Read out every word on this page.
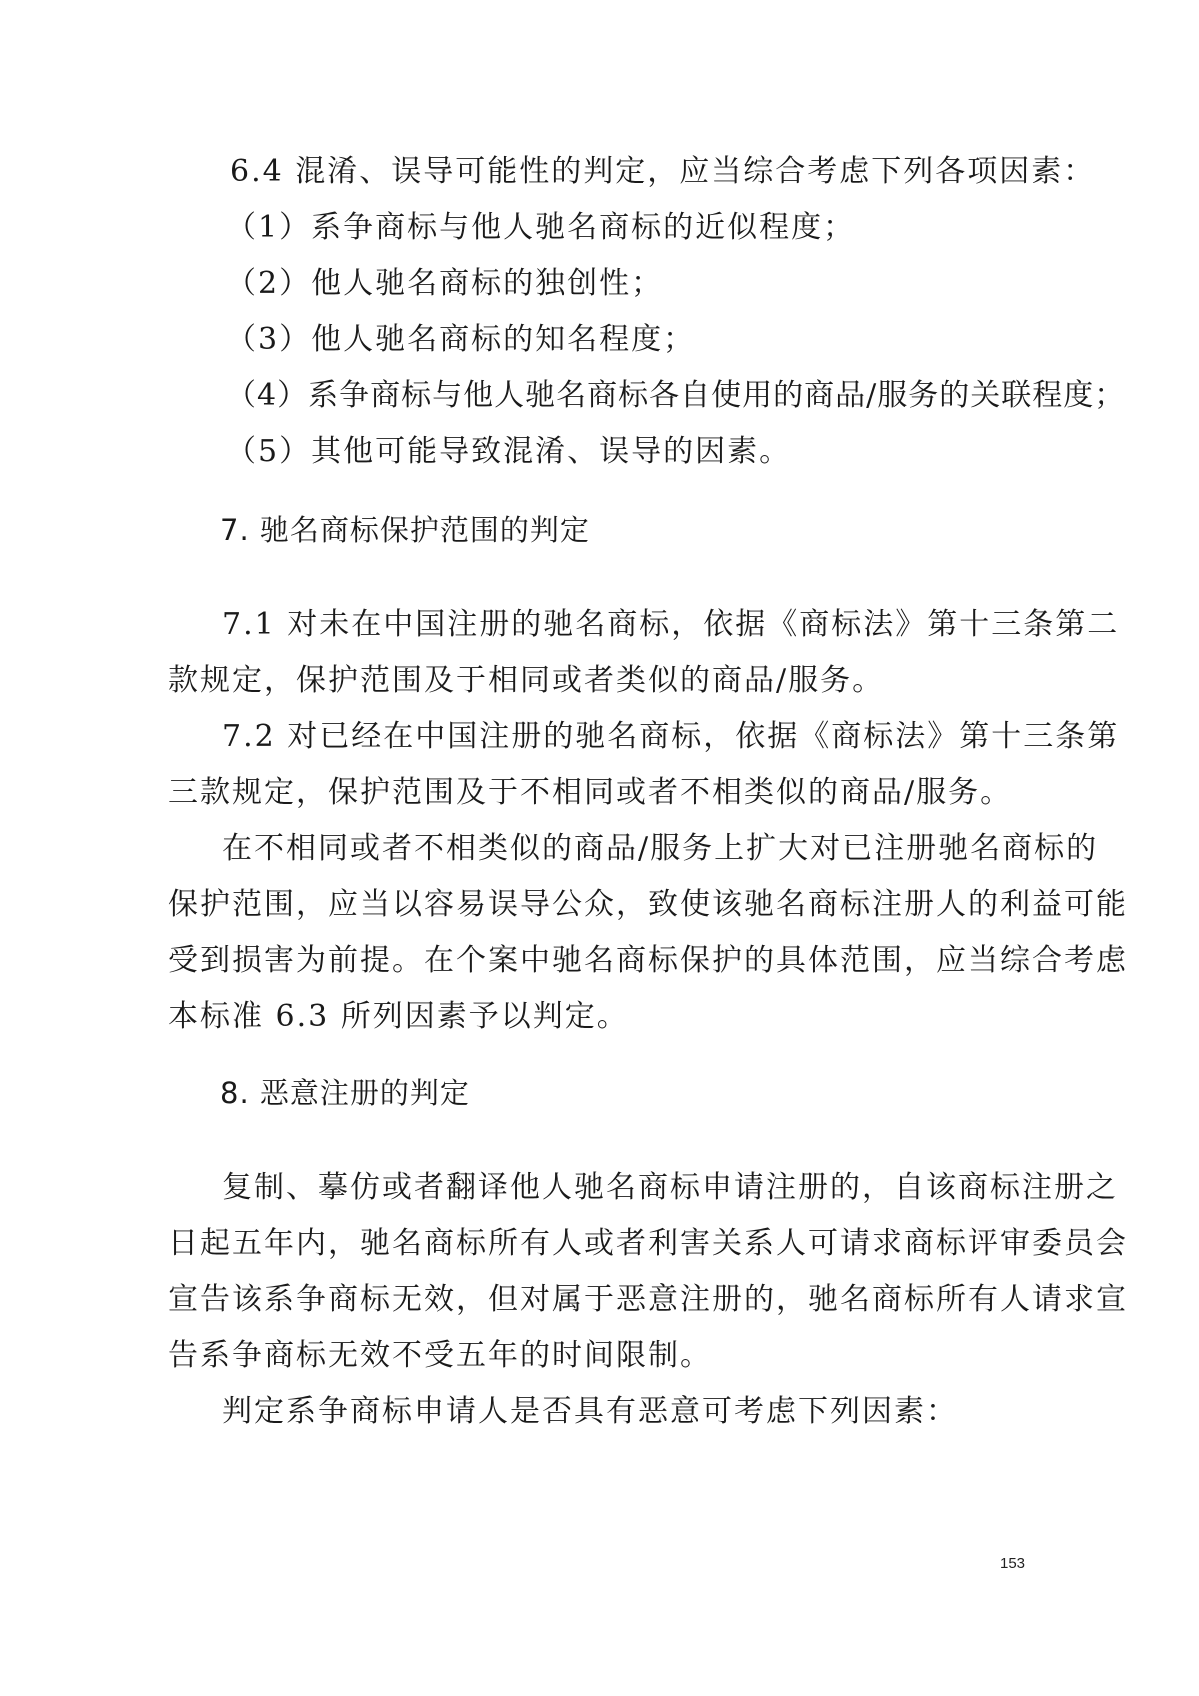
6.4 混淆、误导可能性的判定，应当综合考虑下列各项因素：
（1）系争商标与他人驰名商标的近似程度；
（2）他人驰名商标的独创性；
（3）他人驰名商标的知名程度；
（4）系争商标与他人驰名商标各自使用的商品/服务的关联程度；
（5）其他可能导致混淆、误导的因素。
7. 驰名商标保护范围的判定
7.1 对未在中国注册的驰名商标，依据《商标法》第十三条第二
款规定，保护范围及于相同或者类似的商品/服务。
7.2 对已经在中国注册的驰名商标，依据《商标法》第十三条第
三款规定，保护范围及于不相同或者不相类似的商品/服务。
在不相同或者不相类似的商品/服务上扩大对已注册驰名商标的
保护范围，应当以容易误导公众，致使该驰名商标注册人的利益可能
受到损害为前提。在个案中驰名商标保护的具体范围，应当综合考虑
本标准 6.3 所列因素予以判定。
8. 恶意注册的判定
复制、摹仿或者翻译他人驰名商标申请注册的，自该商标注册之
日起五年内，驰名商标所有人或者利害关系人可请求商标评审委员会
宣告该系争商标无效，但对属于恶意注册的，驰名商标所有人请求宣
告系争商标无效不受五年的时间限制。
判定系争商标申请人是否具有恶意可考虑下列因素：
153
